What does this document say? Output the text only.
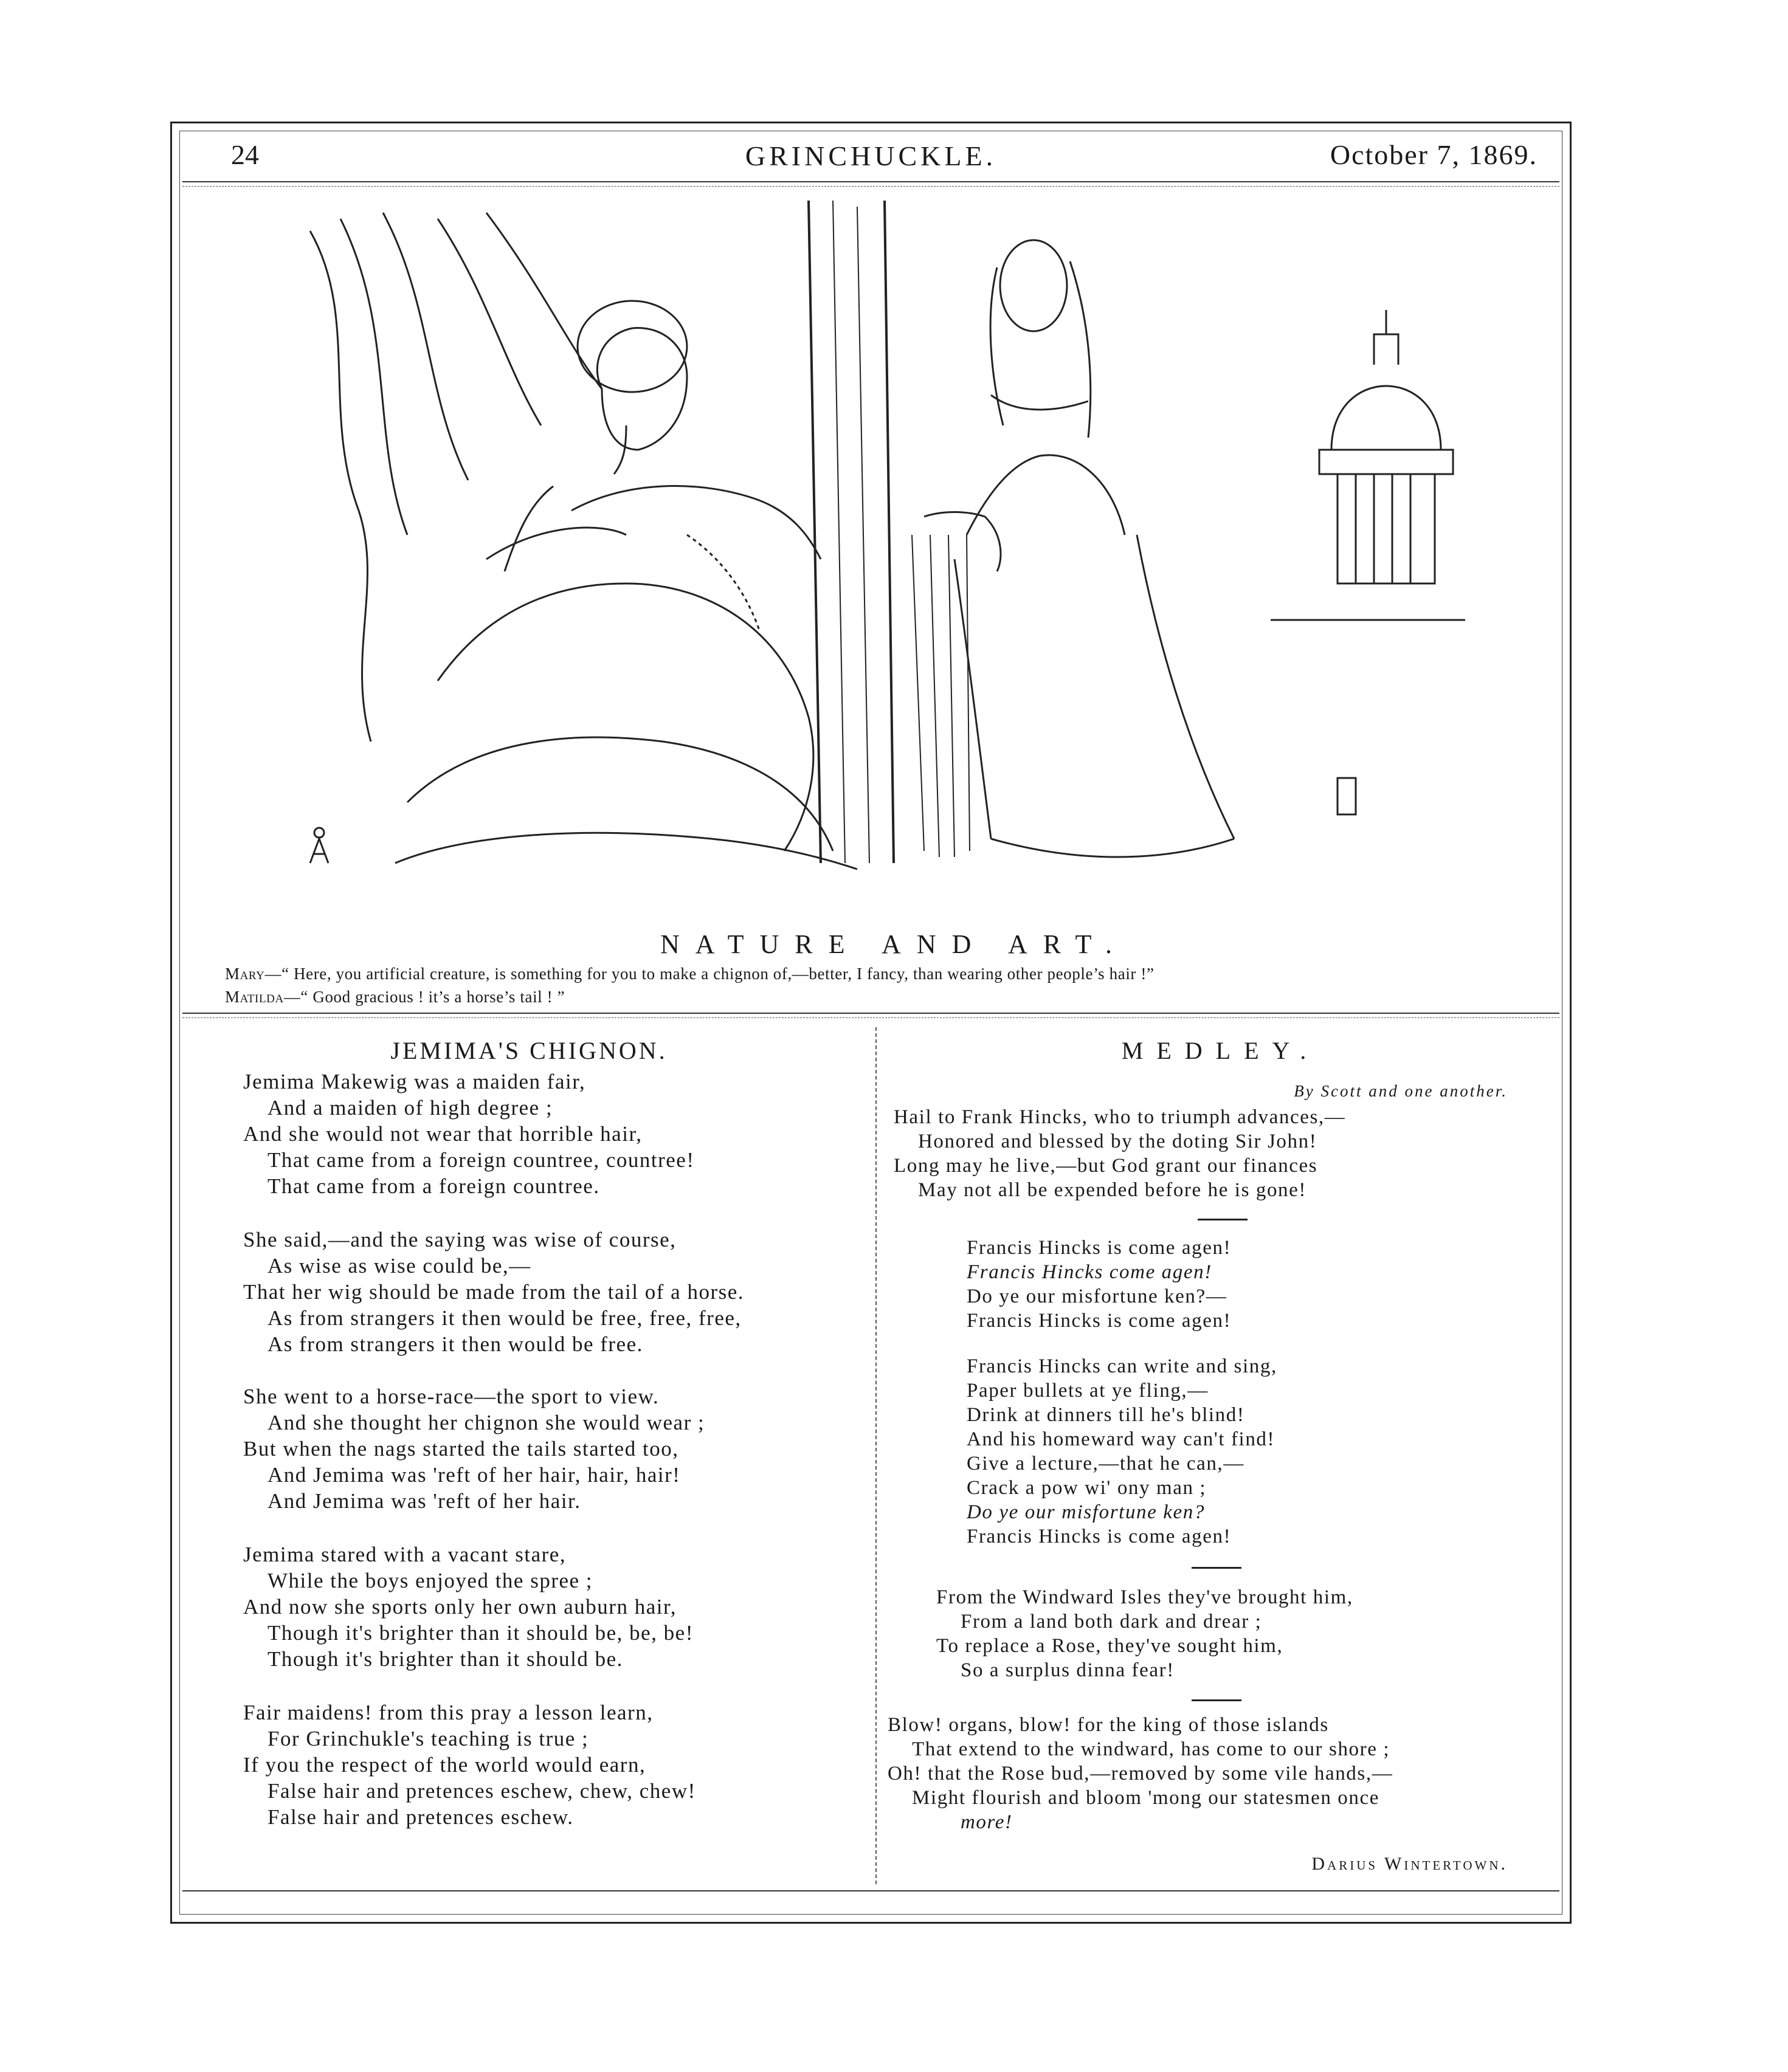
24	GRINCHUCKLE.	October 7, 1869.
NATURE AND ART.
Mary—“ Here, you artificial creature, is something for you to make a chignon of,—better, I fancy, than wearing other people’s hair !”
Matilda—“ Good gracious ! it’s a horse’s tail ! ”
JEMIMA'S CHIGNON.
Jemima Makewig was a maiden fair,
And a maiden of high degree ;
And she would not wear that horrible hair,
That came from a foreign countree, countree!
That came from a foreign countree.
She said,—and the saying was wise of course,
As wise as wise could be,—
That her wig should be made from the tail of a horse.
As from strangers it then would be free, free, free,
As from strangers it then would be free.
She went to a horse-race—the sport to view.
And she thought her chignon she would wear ;
But when the nags started the tails started too,
And Jemima was 'reft of her hair, hair, hair!
And Jemima was 'reft of her hair.
Jemima stared with a vacant stare,
While the boys enjoyed the spree ;
And now she sports only her own auburn hair,
Though it's brighter than it should be, be, be!
Though it's brighter than it should be.
Fair maidens! from this pray a lesson learn,
For Grinchukle's teaching is true ;
If you the respect of the world would earn,
False hair and pretences eschew, chew, chew!
False hair and pretences eschew.
MEDLEY.
By Scott and one another.
Hail to Frank Hincks, who to triumph advances,—
Honored and blessed by the doting Sir John!
Long may he live,—but God grant our finances
May not all be expended before he is gone!
Francis Hincks is come agen!
Francis Hincks come agen!
Do ye our misfortune ken?—
Francis Hincks is come agen!
Francis Hincks can write and sing,
Paper bullets at ye fling,—
Drink at dinners till he's blind!
And his homeward way can't find!
Give a lecture,—that he can,—
Crack a pow wi' ony man ;
Do ye our misfortune ken?
Francis Hincks is come agen!
From the Windward Isles they've brought him,
From a land both dark and drear ;
To replace a Rose, they've sought him,
So a surplus dinna fear!
Blow! organs, blow! for the king of those islands
That extend to the windward, has come to our shore ;
Oh! that the Rose bud,—removed by some vile hands,—
Might flourish and bloom 'mong our statesmen once
more!
Darius Wintertown.
